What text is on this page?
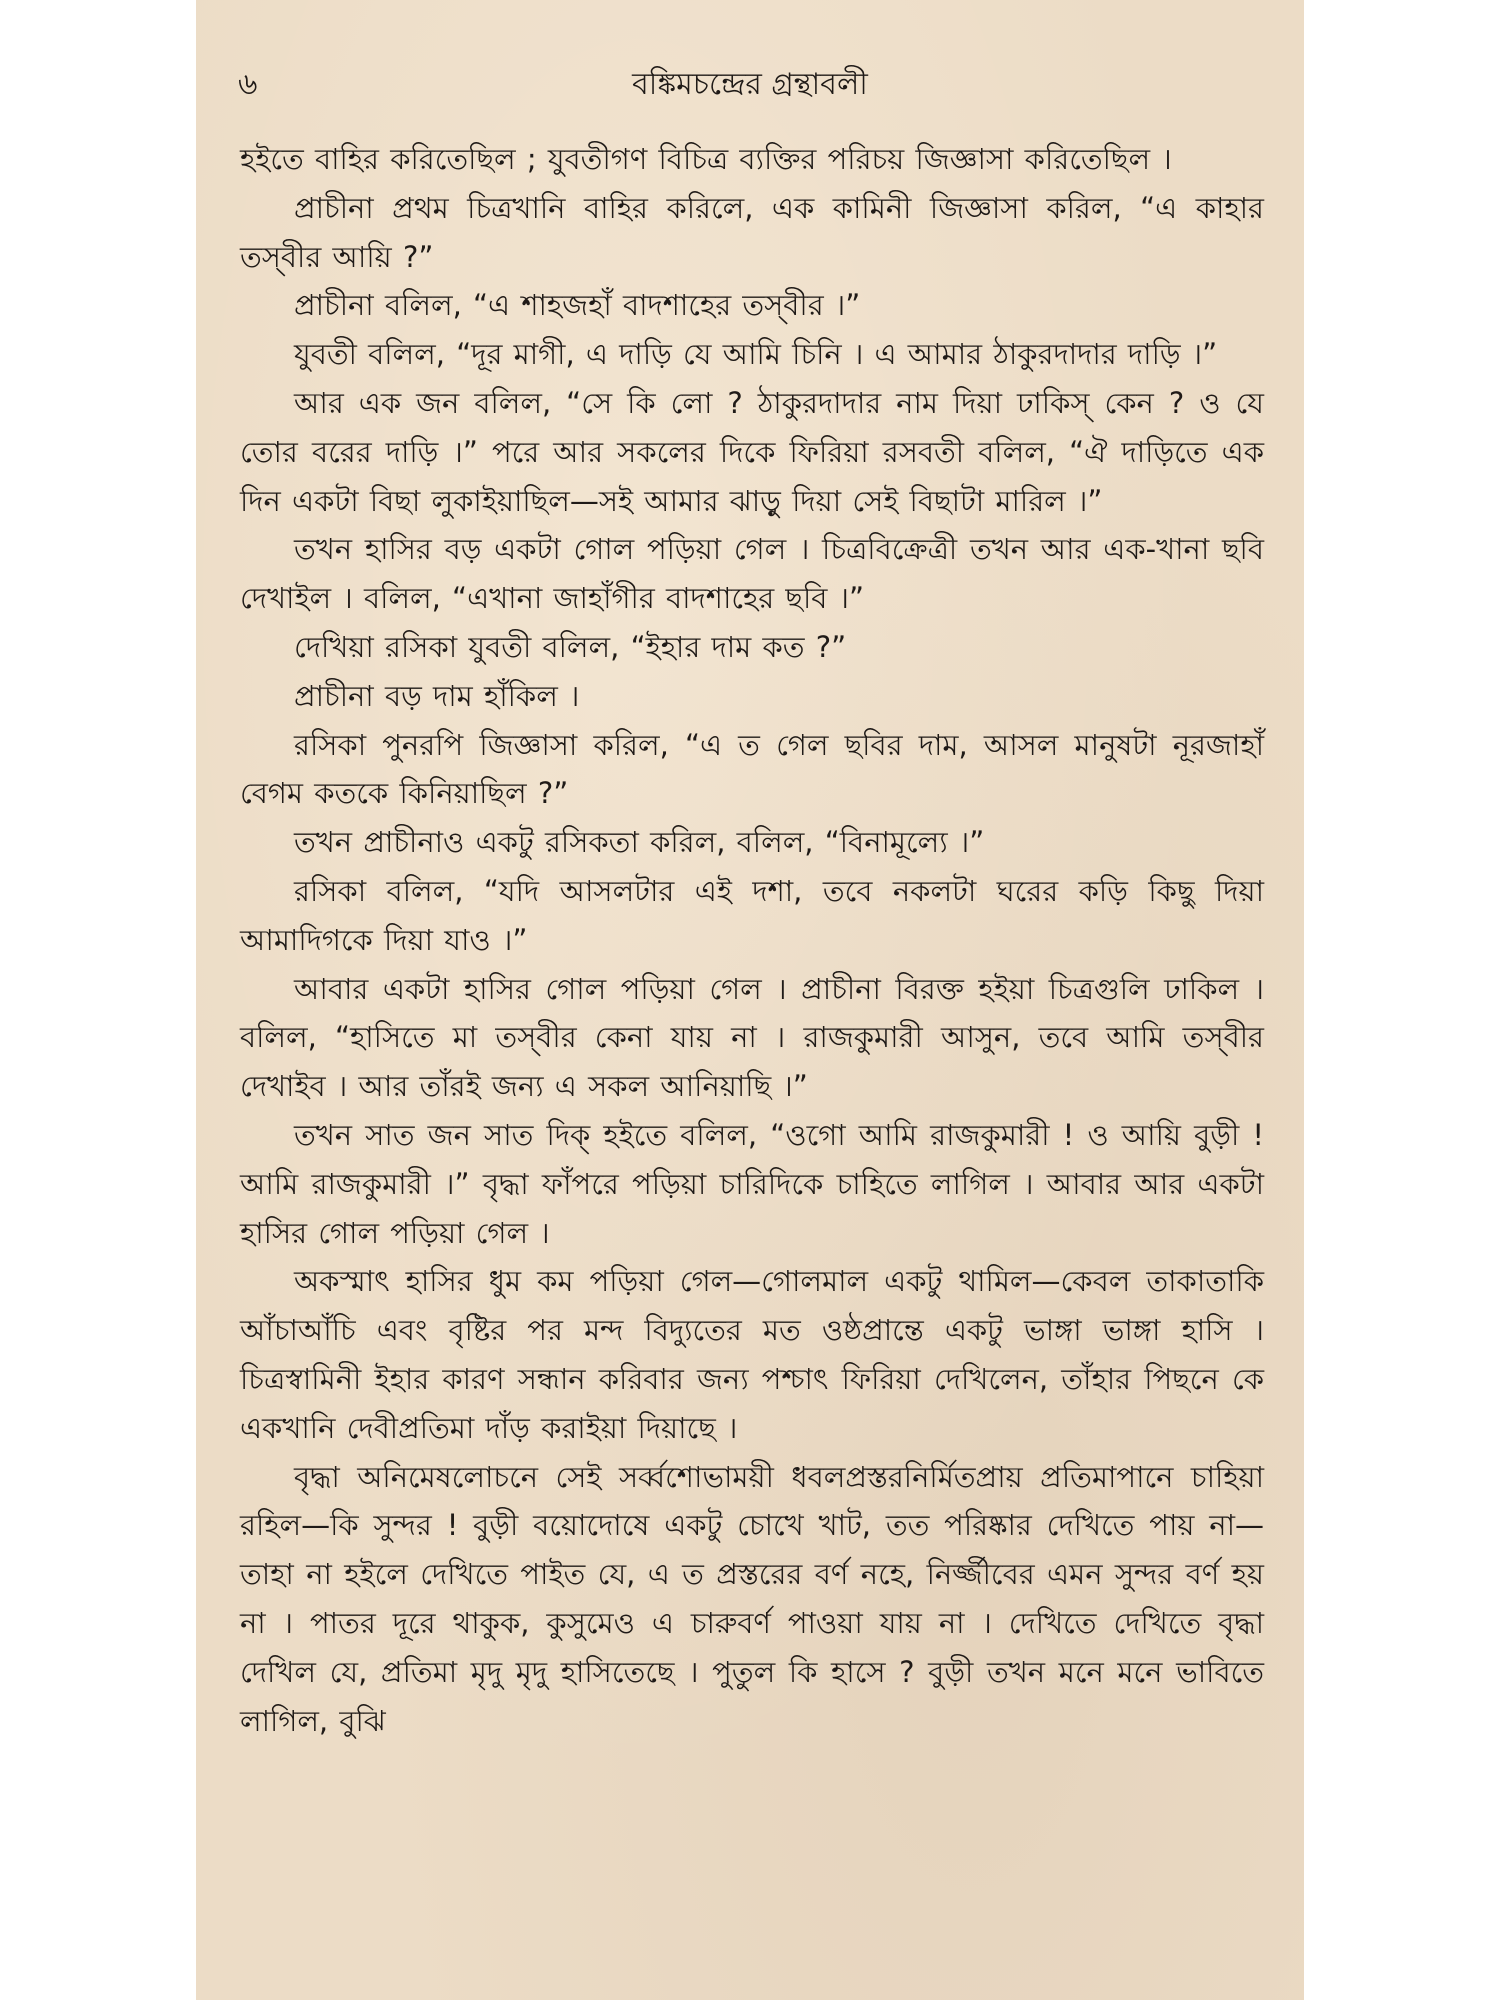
৬	বঙ্কিমচন্দ্রের গ্রন্থাবলী

হইতে বাহির করিতেছিল ; যুবতীগণ বিচিত্র ব্যক্তির পরিচয় জিজ্ঞাসা করিতেছিল ।

প্রাচীনা প্রথম চিত্রখানি বাহির করিলে, এক কামিনী জিজ্ঞাসা করিল, “এ কাহার তস্‌বীর আয়ি ?”

প্রাচীনা বলিল, “এ শাহজহাঁ বাদশাহের তস্‌বীর ।”

যুবতী বলিল, “দূর মাগী, এ দাড়ি যে আমি চিনি । এ আমার ঠাকুরদাদার দাড়ি ।”

আর এক জন বলিল, “সে কি লো ? ঠাকুরদাদার নাম দিয়া ঢাকিস্ কেন ? ও যে তোর বরের দাড়ি ।” পরে আর সকলের দিকে ফিরিয়া রসবতী বলিল, “ঐ দাড়িতে এক দিন একটা বিছা লুকাইয়াছিল—সই আমার ঝাড়ু দিয়া সেই বিছাটা মারিল ।”

তখন হাসির বড় একটা গোল পড়িয়া গেল । চিত্রবিক্রেত্রী তখন আর এক-খানা ছবি দেখাইল । বলিল, “এখানা জাহাঁগীর বাদশাহের ছবি ।”

দেখিয়া রসিকা যুবতী বলিল, “ইহার দাম কত ?”

প্রাচীনা বড় দাম হাঁকিল ।

রসিকা পুনরপি জিজ্ঞাসা করিল, “এ ত গেল ছবির দাম, আসল মানুষটা নূরজাহাঁ বেগম কতকে কিনিয়াছিল ?”

তখন প্রাচীনাও একটু রসিকতা করিল, বলিল, “বিনামূল্যে ।”

রসিকা বলিল, “যদি আসলটার এই দশা, তবে নকলটা ঘরের কড়ি কিছু দিয়া আমাদিগকে দিয়া যাও ।”

আবার একটা হাসির গোল পড়িয়া গেল । প্রাচীনা বিরক্ত হইয়া চিত্রগুলি ঢাকিল । বলিল, “হাসিতে মা তস্‌বীর কেনা যায় না । রাজকুমারী আসুন, তবে আমি তস্‌বীর দেখাইব । আর তাঁরই জন্য এ সকল আনিয়াছি ।”

তখন সাত জন সাত দিক্ হইতে বলিল, “ওগো আমি রাজকুমারী ! ও আয়ি বুড়ী ! আমি রাজকুমারী ।” বৃদ্ধা ফাঁপরে পড়িয়া চারিদিকে চাহিতে লাগিল । আবার আর একটা হাসির গোল পড়িয়া গেল ।

অকস্মাৎ হাসির ধুম কম পড়িয়া গেল—গোলমাল একটু থামিল—কেবল তাকাতাকি আঁচাআঁচি এবং বৃষ্টির পর মন্দ বিদ্যুতের মত ওষ্ঠপ্রান্তে একটু ভাঙ্গা ভাঙ্গা হাসি । চিত্রস্বামিনী ইহার কারণ সন্ধান করিবার জন্য পশ্চাৎ ফিরিয়া দেখিলেন, তাঁহার পিছনে কে একখানি দেবীপ্রতিমা দাঁড় করাইয়া দিয়াছে ।

বৃদ্ধা অনিমেষলোচনে সেই সর্ব্বশোভাময়ী ধবলপ্রস্তরনির্মিতপ্রায় প্রতিমাপানে চাহিয়া রহিল—কি সুন্দর ! বুড়ী বয়োদোষে একটু চোখে খাট, তত পরিষ্কার দেখিতে পায় না—তাহা না হইলে দেখিতে পাইত যে, এ ত প্রস্তরের বর্ণ নহে, নিৰ্জ্জীবের এমন সুন্দর বর্ণ হয় না । পাতর দূরে থাকুক, কুসুমেও এ চারুবর্ণ পাওয়া যায় না । দেখিতে দেখিতে বৃদ্ধা দেখিল যে, প্রতিমা মৃদু মৃদু হাসিতেছে । পুতুল কি হাসে ? বুড়ী তখন মনে মনে ভাবিতে লাগিল, বুঝি
